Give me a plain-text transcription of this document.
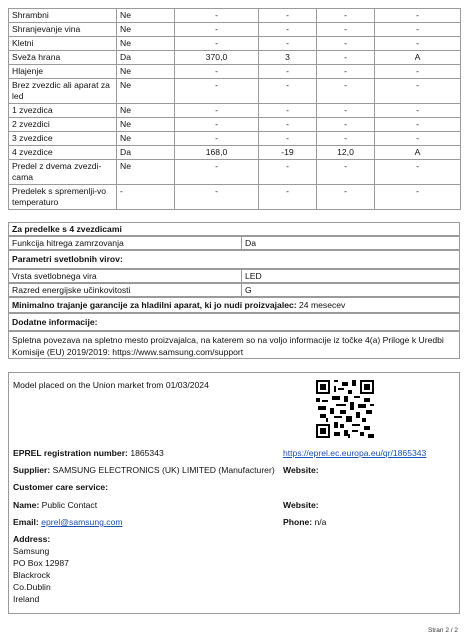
Shrambni	Ne	-	-	-	-
Shranjevanje vina	Ne	-	-	-	-
Kletni	Ne	-	-	-	-
Sveža hrana	Da	370,0	3	-	A
Hlajenje	Ne	-	-	-	-
Brez zvezdic ali aparat za led	Ne	-	-	-	-
1 zvezdica	Ne	-	-	-	-
2 zvezdici	Ne	-	-	-	-
3 zvezdice	Ne	-	-	-	-
4 zvezdice	Da	168,0	-19	12,0	A
Predel z dvema zvezdi-cama	Ne	-	-	-	-
Predelek s spremenlji-vo temperaturo	-	-	-	-	-
Za predelke s 4 zvezdicami
Funkcija hitrega zamrzovanja	Da
Parametri svetlobnih virov:
Vrsta svetlobnega vira	LED
Razred energijske učinkovitosti	G
Minimalno trajanje garancije za hladilni aparat, ki jo nudi proizvajalec: 24 mesecev
Dodatne informacije:
Spletna povezava na spletno mesto proizvajalca, na katerem so na voljo informacije iz točke 4(a) Priloge k Uredbi
Komisije (EU) 2019/2019: https://www.samsung.com/support
Model placed on the Union market from 01/03/2024
EPREL registration number: 1865343	https://eprel.ec.europa.eu/qr/1865343
Supplier: SAMSUNG ELECTRONICS (UK) LIMITED (Manufacturer) Website:
Customer care service:
Name: Public Contact	Website:
Email: eprel@samsung.com	Phone: n/a
Address:
Samsung
PO Box 12987
Blackrock
Co.Dublin
Ireland
Stran 2 / 2
